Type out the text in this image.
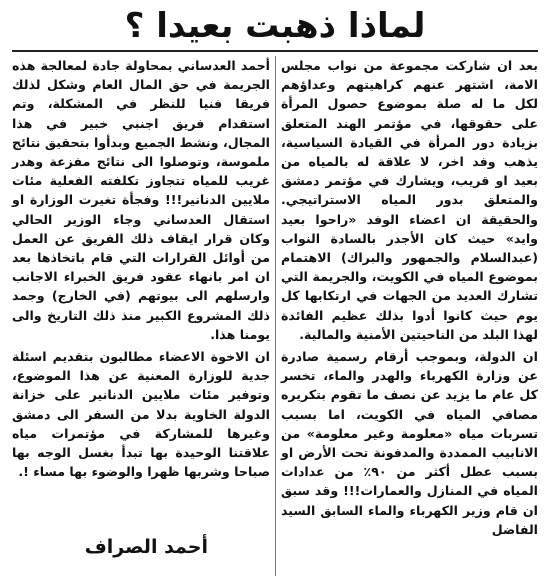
لماذا ذهبت بعيدا ؟

بعد ان شاركت مجموعة من نواب مجلس الامة، اشتهر عنهم كراهيتهم وعداؤهم لكل ما له صلة بموضوع حصول المرأة على حقوقها، في مؤتمر الهند المتعلق بزيادة دور المرأة في القيادة السياسية، يذهب وفد اخر، لا علاقة له بالمياه من بعيد او قريب، ويشارك في مؤتمر دمشق والمتعلق بدور المياه الاستراتيجي. والحقيقة ان اعضاء الوفد «راحوا بعيد وايد» حيث كان الأجدر بالسادة النواب (عبدالسلام والجمهور والبراك) الاهتمام بموضوع المياه في الكويت، والجريمة التي تشارك العديد من الجهات في ارتكابها كل يوم حيث كانوا أدوا بذلك عظيم الفائدة لهذا البلد من الناحيتين الأمنية والمالية.

ان الدولة، وبموجب أرقام رسمية صادرة عن وزارة الكهرباء والهدر والماء، تخسر كل عام ما يزيد عن نصف ما تقوم بتكريره مصافي المياه في الكويت، اما بسبب تسربات مياه «معلومة وغير معلومة» من الانابيب الممددة والمدفونة تحت الأرض او بسبب عطل أكثر من ٩٠٪ من عدادات المياه في المنازل والعمارات!!! وقد سبق ان قام وزير الكهرباء والماء السابق السيد الفاضل

أحمد العدساني بمحاولة جادة لمعالجة هذه الجريمة في حق المال العام وشكل لذلك فريقا فنيا للنظر في المشكلة، وتم استقدام فريق اجنبي خبير في هذا المجال، ونشط الجميع وبدأوا بتحقيق نتائج ملموسة، وتوصلوا الى نتائج مفزعة وهدر غريب للمياه تتجاوز تكلفته الفعلية مئات ملايين الدنانير!!! وفجأة تغيرت الوزارة او استقال العدساني وجاء الوزير الحالي وكان قرار ايقاف ذلك الفريق عن العمل من أوائل القرارات التي قام باتخاذها بعد ان امر بانهاء عقود فريق الخبراء الاجانب وارسلهم الى بيوتهم (في الخارج) وجمد ذلك المشروع الكبير منذ ذلك التاريخ والى يومنا هذا.

ان الاخوة الاعضاء مطالبون بتقديم اسئلة جدية للوزارة المعنية عن هذا الموضوع، وتوفير مئات ملايين الدنانير على خزانة الدولة الخاوية بدلا من السفر الى دمشق وغيرها للمشاركة في مؤتمرات مياه علاقتنا الوحيدة بها تبدأ بغسل الوجه بها صباحا وشربها ظهرا والوضوء بها مساء !.

أحمد الصراف
